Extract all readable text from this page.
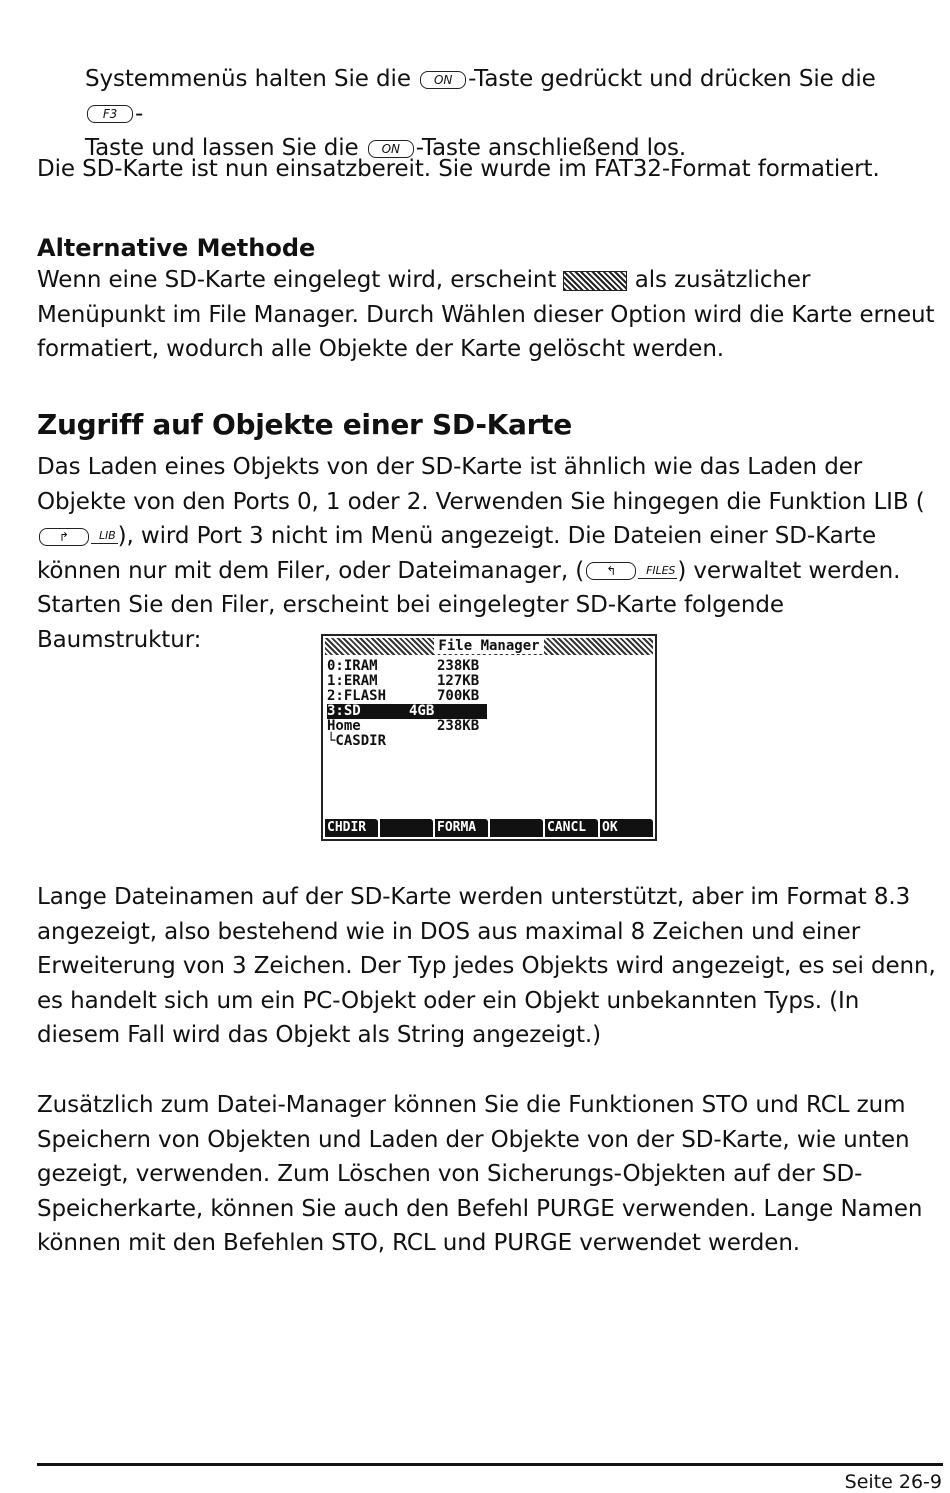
Systemmenüs halten Sie die ON -Taste gedrückt und drücken Sie die F3 -
Taste und lassen Sie die ON -Taste anschließend los.

Die SD-Karte ist nun einsatzbereit. Sie wurde im FAT32-Format formatiert.

Alternative Methode

Wenn eine SD-Karte eingelegt wird, erscheint	als zusätzlicher Menüpunkt im File Manager. Durch Wählen dieser Option wird die Karte erneut formatiert, wodurch alle Objekte der Karte gelöscht werden.

Zugriff auf Objekte einer SD-Karte

Das Laden eines Objekts von der SD-Karte ist ähnlich wie das Laden der Objekte von den Ports 0, 1 oder 2. Verwenden Sie hingegen die Funktion LIB (↱	LIB), wird Port 3 nicht im Menü angezeigt. Die Dateien einer SD-Karte können nur mit dem Filer, oder Dateimanager, ( ↰	FILES) verwaltet werden. Starten Sie den Filer, erscheint bei eingelegter SD-Karte folgende Baumstruktur:	File Manager
0:IRAM	238KB
1:ERAM	127KB
2:FLASH	700KB
3:SD	4GB
Home	238KB
└CASDIR
CHDIR	FORMA	CANCL	OK

Lange Dateinamen auf der SD-Karte werden unterstützt, aber im Format 8.3 angezeigt, also bestehend wie in DOS aus maximal 8 Zeichen und einer Erweiterung von 3 Zeichen. Der Typ jedes Objekts wird angezeigt, es sei denn, es handelt sich um ein PC-Objekt oder ein Objekt unbekannten Typs. (In diesem Fall wird das Objekt als String angezeigt.)

Zusätzlich zum Datei-Manager können Sie die Funktionen STO und RCL zum Speichern von Objekten und Laden der Objekte von der SD-Karte, wie unten gezeigt, verwenden. Zum Löschen von Sicherungs-Objekten auf der SD-Speicherkarte, können Sie auch den Befehl PURGE verwenden. Lange Namen können mit den Befehlen STO, RCL und PURGE verwendet werden.

Seite 26-9
